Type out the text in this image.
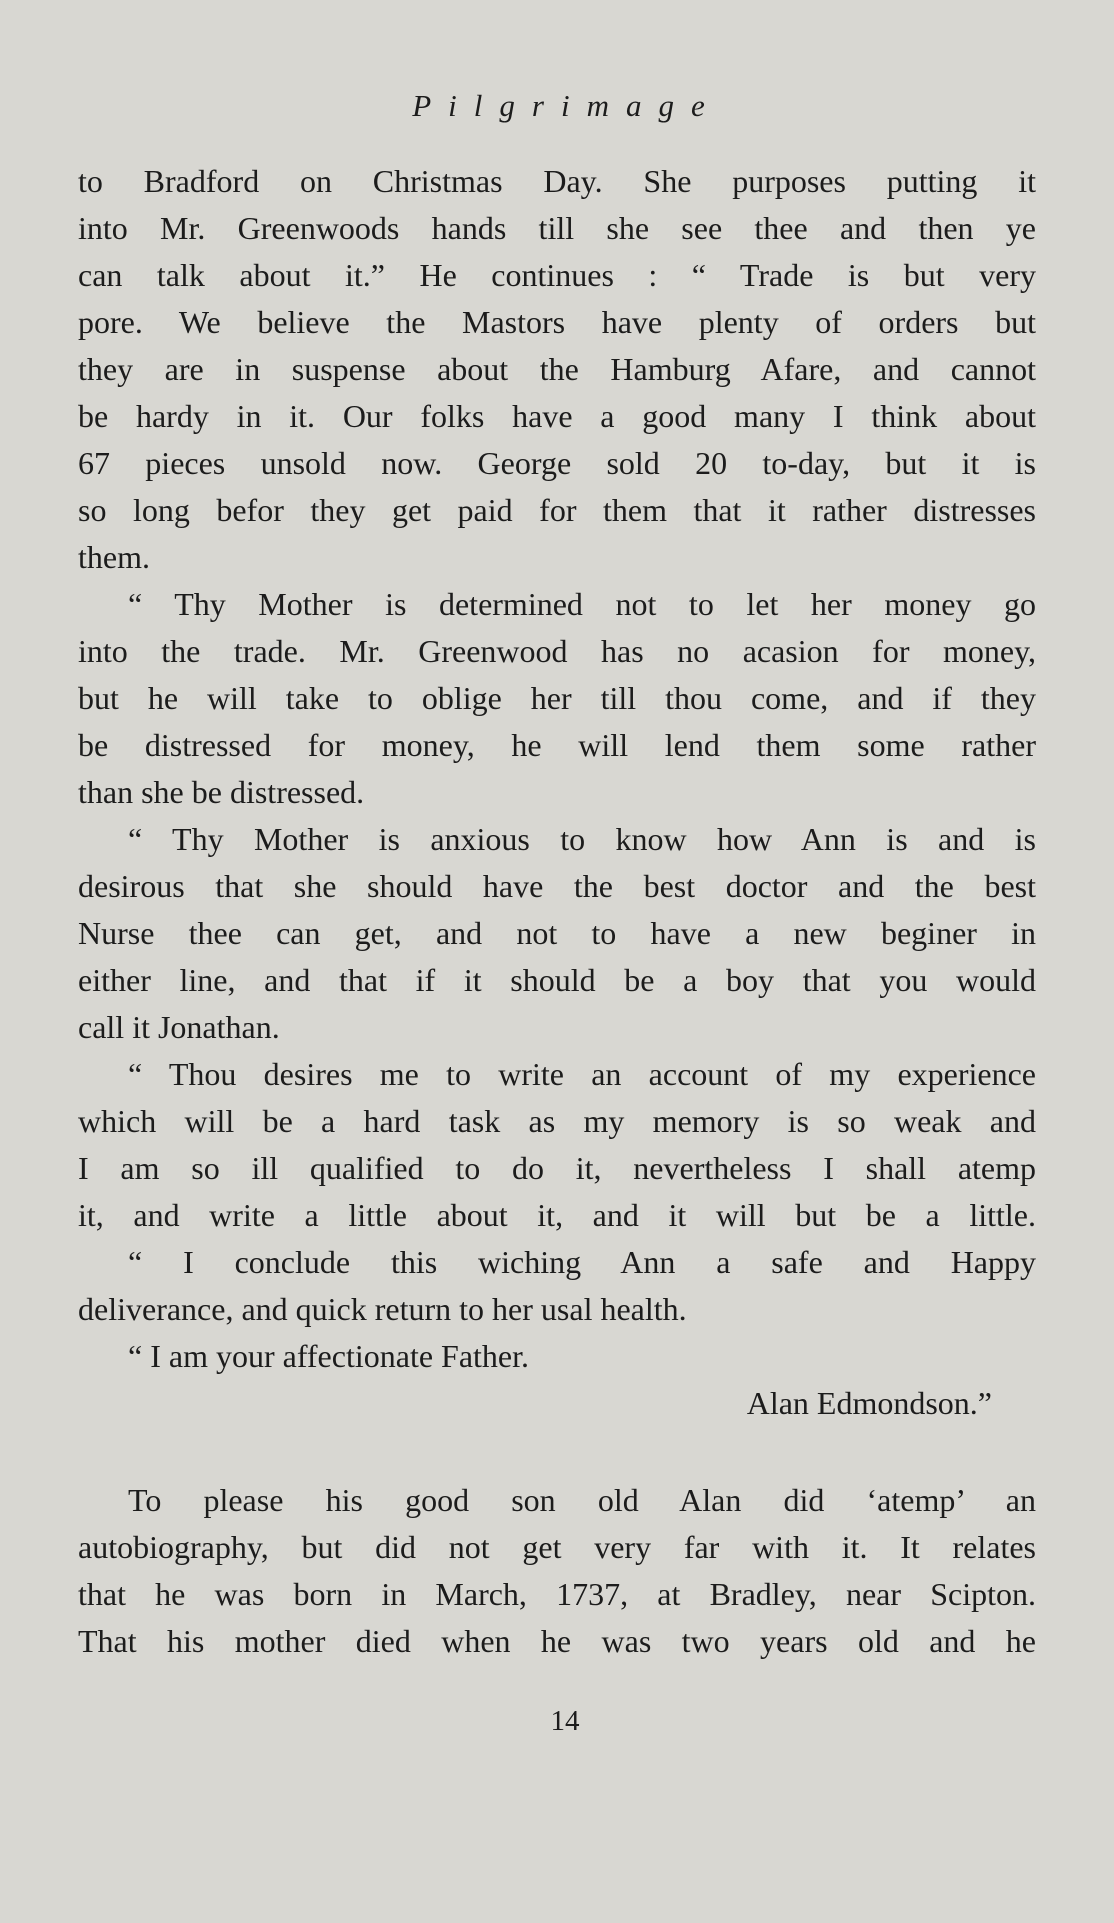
Pilgrimage
to Bradford on Christmas Day. She purposes putting it
into Mr. Greenwoods hands till she see thee and then ye
can talk about it.” He continues : “ Trade is but very
pore. We believe the Mastors have plenty of orders but
they are in suspense about the Hamburg Afare, and cannot
be hardy in it. Our folks have a good many I think about
67 pieces unsold now. George sold 20 to-day, but it is
so long befor they get paid for them that it rather distresses
them.
“ Thy Mother is determined not to let her money go
into the trade. Mr. Greenwood has no acasion for money,
but he will take to oblige her till thou come, and if they
be distressed for money, he will lend them some rather
than she be distressed.
“ Thy Mother is anxious to know how Ann is and is
desirous that she should have the best doctor and the best
Nurse thee can get, and not to have a new beginer in
either line, and that if it should be a boy that you would
call it Jonathan.
“ Thou desires me to write an account of my experience
which will be a hard task as my memory is so weak and
I am so ill qualified to do it, nevertheless I shall atemp
it, and write a little about it, and it will but be a little.
“ I conclude this wiching Ann a safe and Happy
deliverance, and quick return to her usal health.
“ I am your affectionate Father.
Alan Edmondson.”
To please his good son old Alan did ‘atemp’ an
autobiography, but did not get very far with it. It relates
that he was born in March, 1737, at Bradley, near Scipton.
That his mother died when he was two years old and he
14
